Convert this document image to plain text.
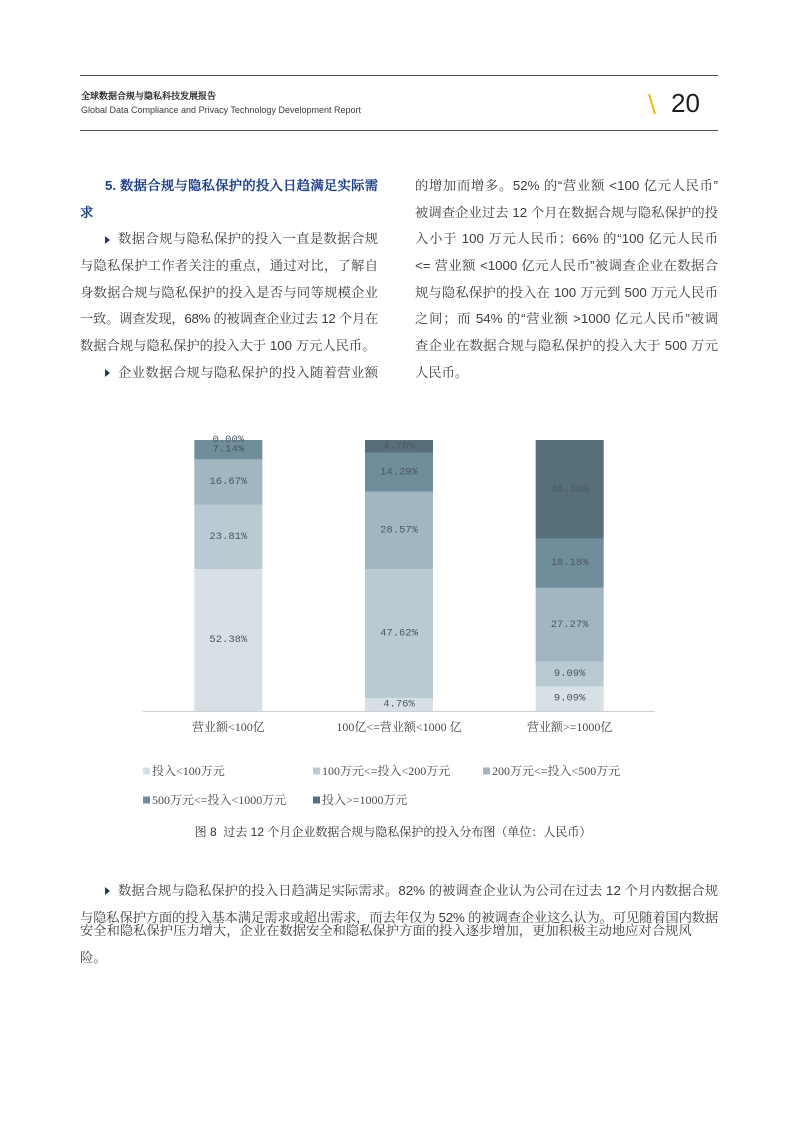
全球数据合规与隐私科技发展报告
Global Data Compliance and Privacy Technology Development Report	20
5. 数据合规与隐私保护的投入日趋满足实际需
求
数据合规与隐私保护的投入一直是数据合规
与隐私保护工作者关注的重点，通过对比，了解自
身数据合规与隐私保护的投入是否与同等规模企业
一致。调查发现，68% 的被调查企业过去 12 个月在
数据合规与隐私保护的投入大于 100 万元人民币。
企业数据合规与隐私保护的投入随着营业额
的增加而增多。52% 的“营业额 <100 亿元人民币”
被调查企业过去 12 个月在数据合规与隐私保护的投
入小于 100 万元人民币；66% 的“100 亿元人民币
<= 营业额 <1000 亿元人民币”被调查企业在数据合
规与隐私保护的投入在 100 万元到 500 万元人民币
之间；而 54% 的“营业额 >1000 亿元人民币”被调
查企业在数据合规与隐私保护的投入大于 500 万元
人民币。
52.38%
23.81%
16.67%
7.14%
0.00%
4.76%
47.62%
28.57%
14.29%
4.76%
9.09%
9.09%
27.27%
18.18%
36.36%
营业额<100亿	100亿<=营业额<1000 亿	营业额>=1000亿
投入<100万元	100万元<=投入<200万元	200万元<=投入<500万元
500万元<=投入<1000万元	投入>=1000万元
图 8  过去 12 个月企业数据合规与隐私保护的投入分布图（单位：人民币）
数据合规与隐私保护的投入日趋满足实际需求。82% 的被调查企业认为公司在过去 12 个月内数据合规
与隐私保护方面的投入基本满足需求或超出需求，而去年仅为 52% 的被调查企业这么认为。可见随着国内数据
安全和隐私保护压力增大，企业在数据安全和隐私保护方面的投入逐步增加，更加积极主动地应对合规风险。
